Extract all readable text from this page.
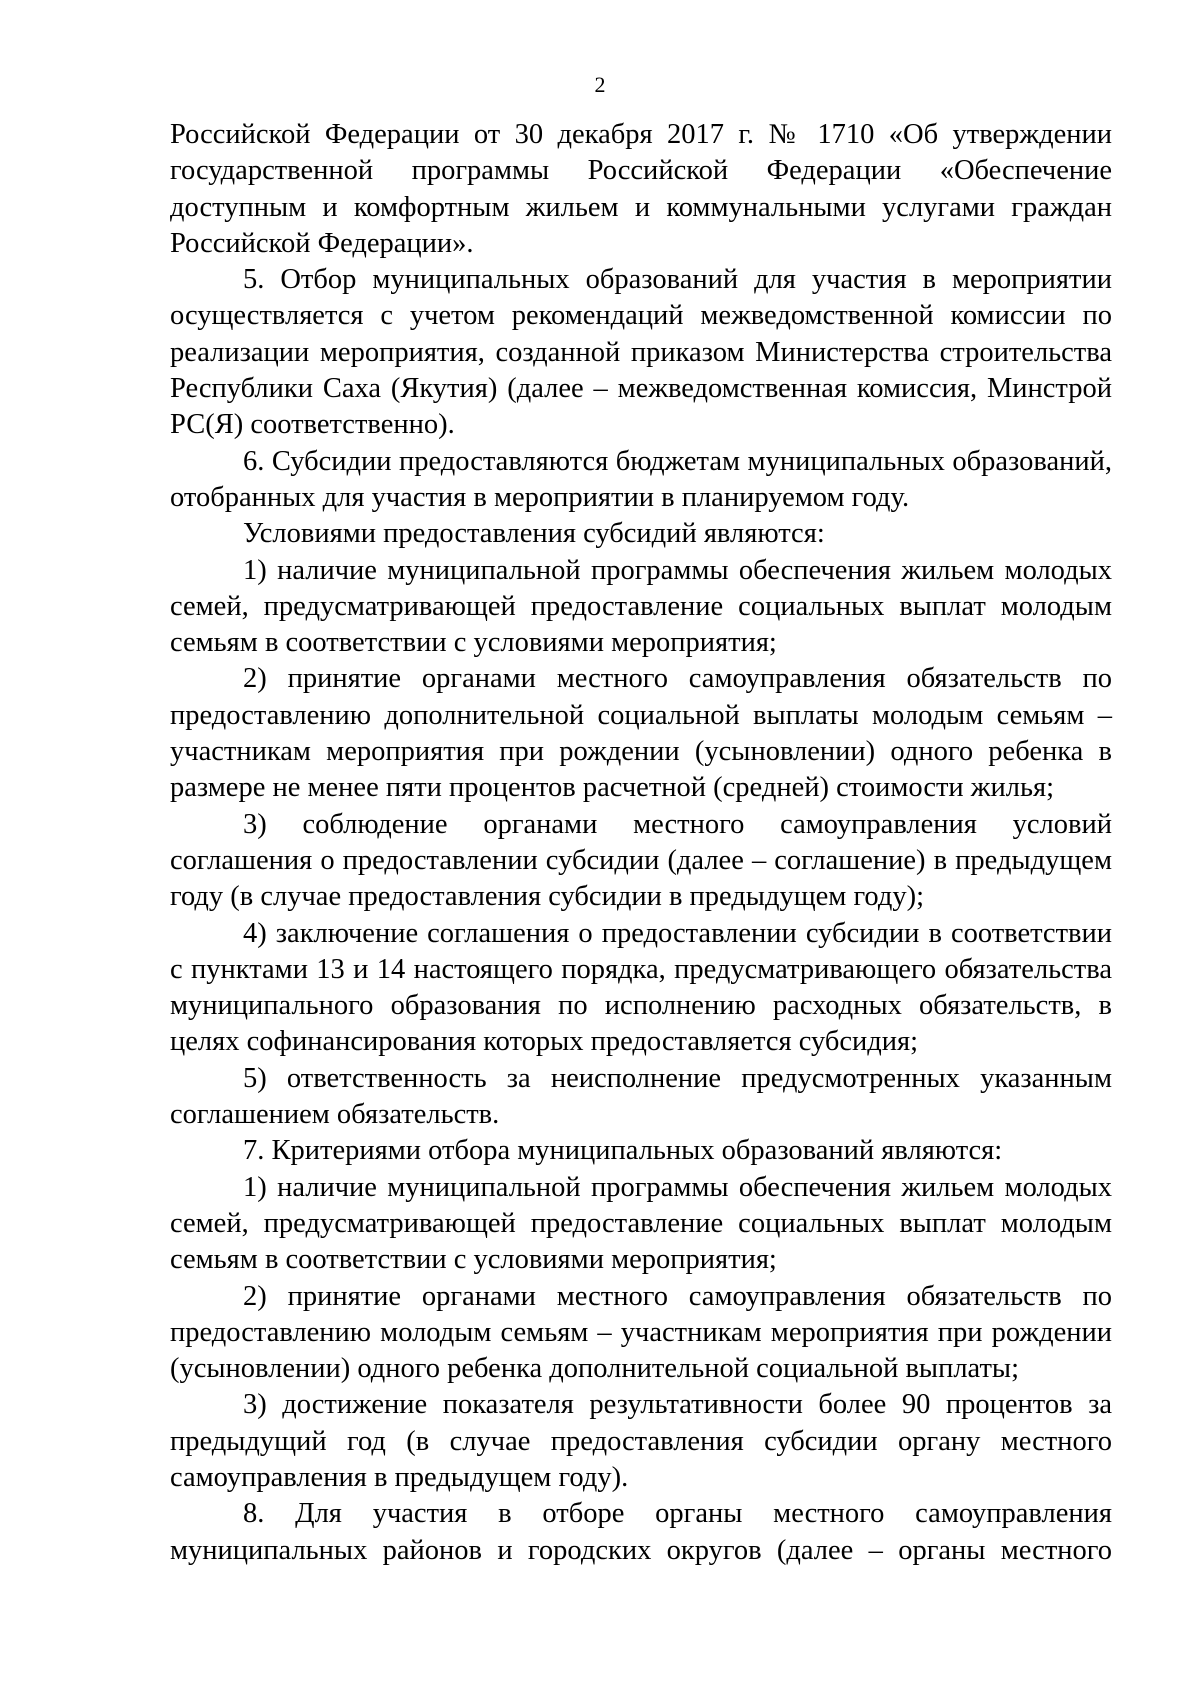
2

Российской Федерации от 30 декабря 2017 г. № 1710 «Об утверждении государственной программы Российской Федерации «Обеспечение доступным и комфортным жильем и коммунальными услугами граждан Российской Федерации».

5. Отбор муниципальных образований для участия в мероприятии осуществляется с учетом рекомендаций межведомственной комиссии по реализации мероприятия, созданной приказом Министерства строительства Республики Саха (Якутия) (далее – межведомственная комиссия, Минстрой РС(Я) соответственно).

6. Субсидии предоставляются бюджетам муниципальных образований, отобранных для участия в мероприятии в планируемом году.

Условиями предоставления субсидий являются:

1) наличие муниципальной программы обеспечения жильем молодых семей, предусматривающей предоставление социальных выплат молодым семьям в соответствии с условиями мероприятия;

2) принятие органами местного самоуправления обязательств по предоставлению дополнительной социальной выплаты молодым семьям – участникам мероприятия при рождении (усыновлении) одного ребенка в размере не менее пяти процентов расчетной (средней) стоимости жилья;

3) соблюдение органами местного самоуправления условий соглашения о предоставлении субсидии (далее – соглашение) в предыдущем году (в случае предоставления субсидии в предыдущем году);

4) заключение соглашения о предоставлении субсидии в соответствии с пунктами 13 и 14 настоящего порядка, предусматривающего обязательства муниципального образования по исполнению расходных обязательств, в целях софинансирования которых предоставляется субсидия;

5) ответственность за неисполнение предусмотренных указанным соглашением обязательств.

7. Критериями отбора муниципальных образований являются:

1) наличие муниципальной программы обеспечения жильем молодых семей, предусматривающей предоставление социальных выплат молодым семьям в соответствии с условиями мероприятия;

2) принятие органами местного самоуправления обязательств по предоставлению молодым семьям – участникам мероприятия при рождении (усыновлении) одного ребенка дополнительной социальной выплаты;

3) достижение показателя результативности более 90 процентов за предыдущий год (в случае предоставления субсидии органу местного самоуправления в предыдущем году).

8. Для участия в отборе органы местного самоуправления муниципальных районов и городских округов (далее – органы местного
